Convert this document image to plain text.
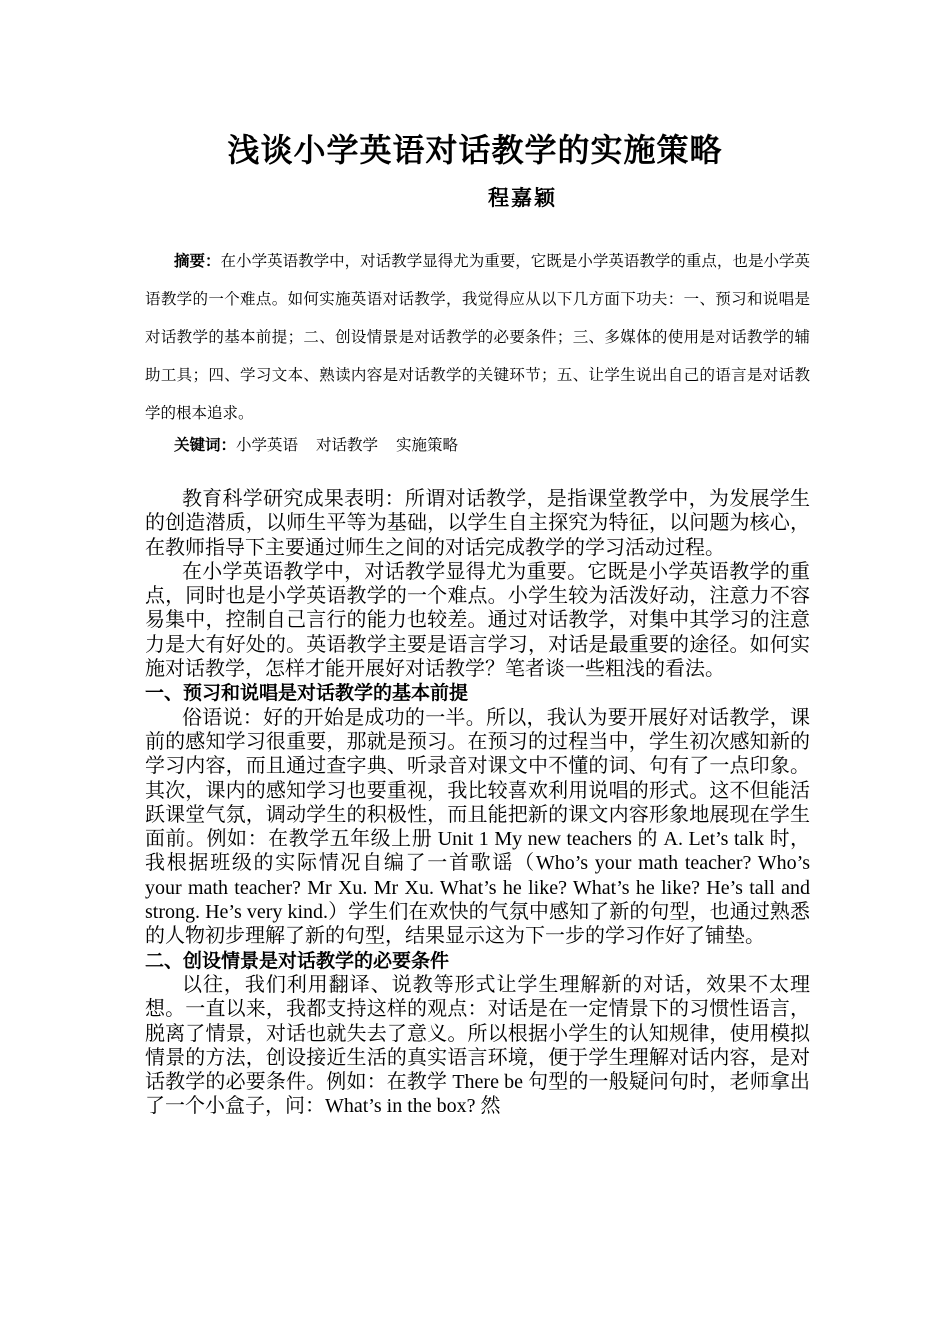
浅谈小学英语对话教学的实施策略
程嘉颖

摘要：在小学英语教学中，对话教学显得尤为重要，它既是小学英语教学的重点，也是小学英语教学的一个难点。如何实施英语对话教学，我觉得应从以下几方面下功夫：一、预习和说唱是对话教学的基本前提；二、创设情景是对话教学的必要条件；三、多媒体的使用是对话教学的辅助工具；四、学习文本、熟读内容是对话教学的关键环节；五、让学生说出自己的语言是对话教学的根本追求。

关键词：小学英语 对话教学 实施策略

教育科学研究成果表明：所谓对话教学，是指课堂教学中，为发展学生的创造潜质，以师生平等为基础，以学生自主探究为特征，以问题为核心，在教师指导下主要通过师生之间的对话完成教学的学习活动过程。

在小学英语教学中，对话教学显得尤为重要。它既是小学英语教学的重点，同时也是小学英语教学的一个难点。小学生较为活泼好动，注意力不容易集中，控制自己言行的能力也较差。通过对话教学，对集中其学习的注意力是大有好处的。英语教学主要是语言学习，对话是最重要的途径。如何实施对话教学，怎样才能开展好对话教学？笔者谈一些粗浅的看法。

一、预习和说唱是对话教学的基本前提

俗语说：好的开始是成功的一半。所以，我认为要开展好对话教学，课前的感知学习很重要，那就是预习。在预习的过程当中，学生初次感知新的学习内容，而且通过查字典、听录音对课文中不懂的词、句有了一点印象。其次，课内的感知学习也要重视，我比较喜欢利用说唱的形式。这不但能活跃课堂气氛，调动学生的积极性，而且能把新的课文内容形象地展现在学生面前。例如：在教学五年级上册 Unit 1 My new teachers 的 A. Let’s talk 时，我根据班级的实际情况自编了一首歌谣（Who’s your math teacher? Who’s your math teacher? Mr Xu. Mr Xu. What’s he like? What’s he like? He’s tall and strong. He’s very kind.）学生们在欢快的气氛中感知了新的句型，也通过熟悉的人物初步理解了新的句型，结果显示这为下一步的学习作好了铺垫。

二、创设情景是对话教学的必要条件

以往，我们利用翻译、说教等形式让学生理解新的对话，效果不太理想。一直以来，我都支持这样的观点：对话是在一定情景下的习惯性语言，脱离了情景，对话也就失去了意义。所以根据小学生的认知规律，使用模拟情景的方法，创设接近生活的真实语言环境，便于学生理解对话内容，是对话教学的必要条件。例如：在教学 There be 句型的一般疑问句时，老师拿出了一个小盒子，问：What’s in the box? 然
